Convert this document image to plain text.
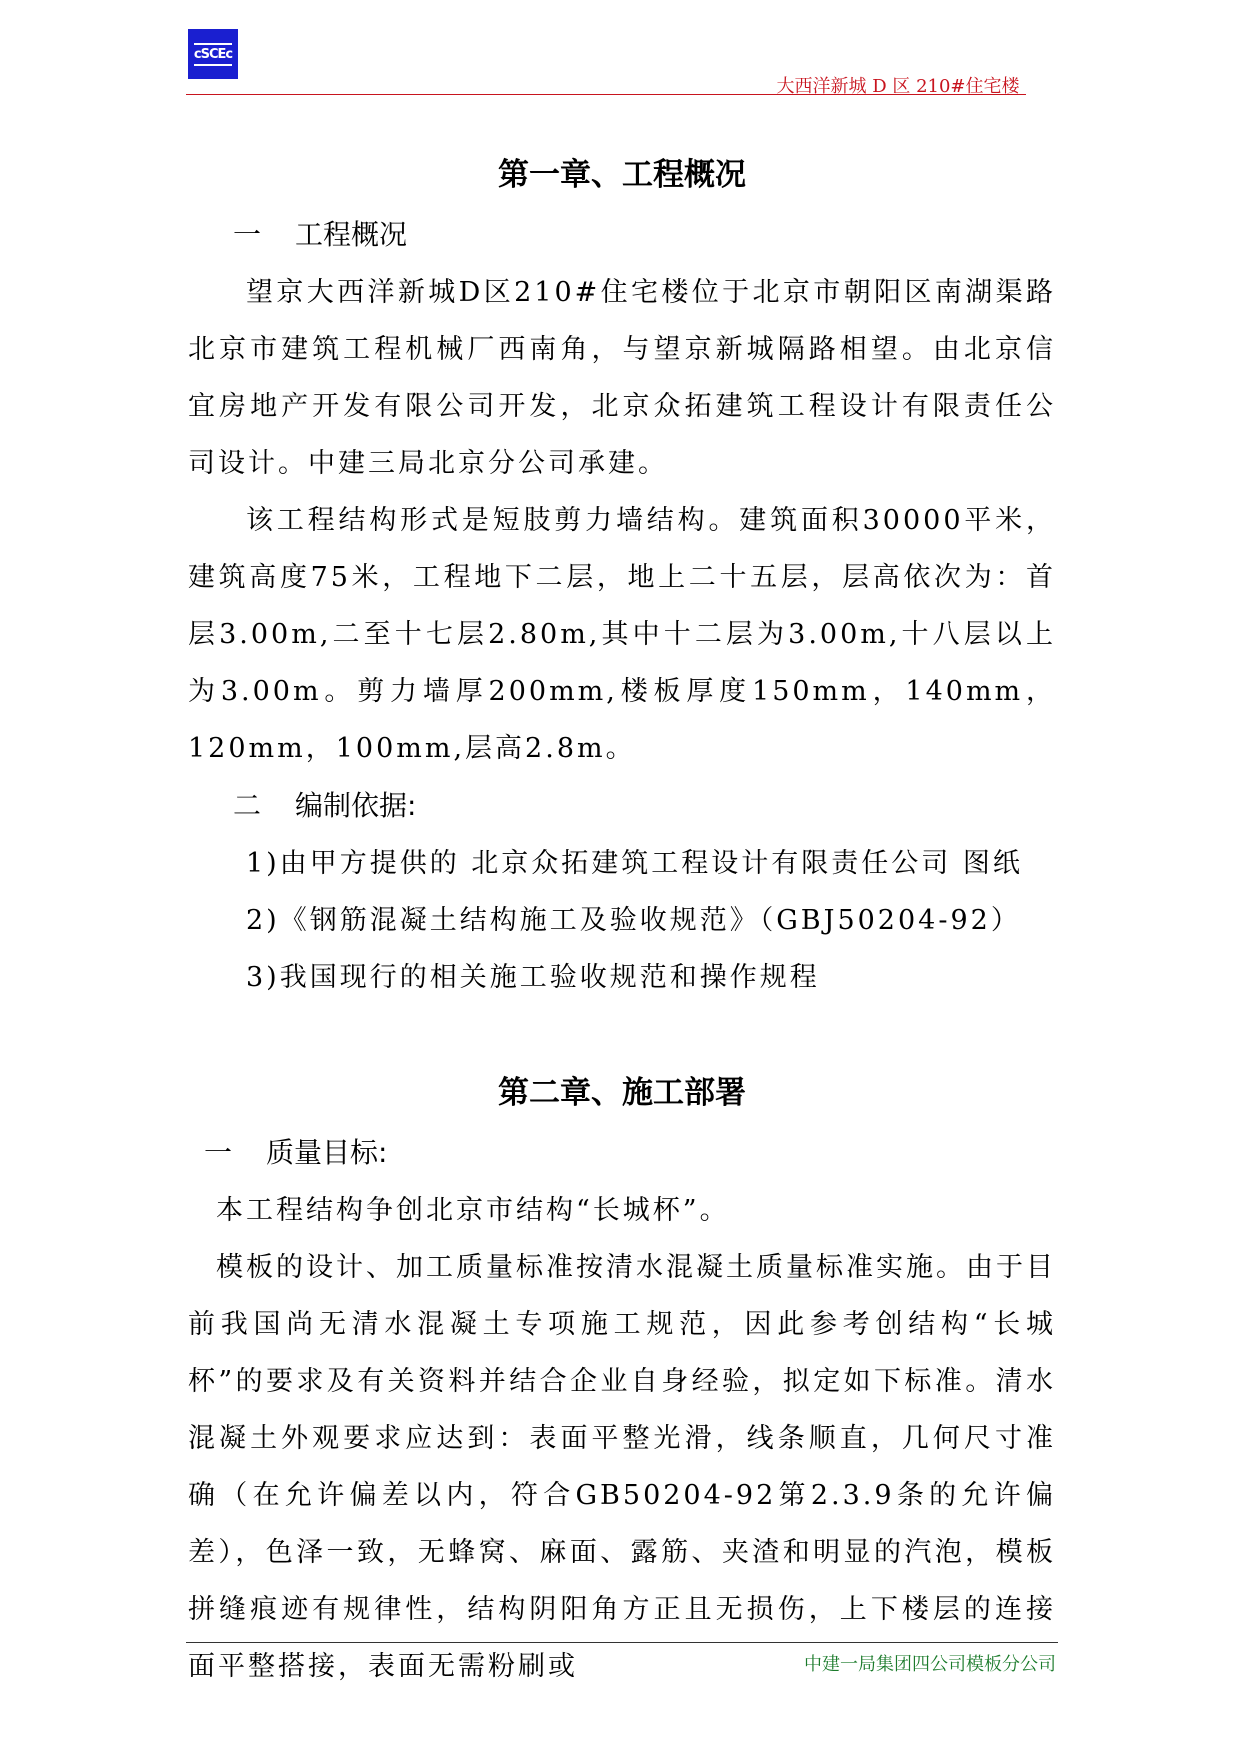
cSCEc
大西洋新城 D 区 210#住宅楼
第一章、工程概况
一 工程概况

望京大西洋新城D区210#住宅楼位于北京市朝阳区南湖渠路北京市建筑工程机械厂西南角，与望京新城隔路相望。由北京信宜房地产开发有限公司开发，北京众拓建筑工程设计有限责任公司设计。中建三局北京分公司承建。

该工程结构形式是短肢剪力墙结构。建筑面积30000平米，建筑高度75米，工程地下二层，地上二十五层，层高依次为：首层3.00m,二至十七层2.80m,其中十二层为3.00m,十八层以上为3.00m。剪力墙厚200mm,楼板厚度150mm，140mm，120mm，100mm,层高2.8m。

二 编制依据:
1)由甲方提供的 北京众拓建筑工程设计有限责任公司 图纸
2)《钢筋混凝土结构施工及验收规范》（GBJ50204-92）
3)我国现行的相关施工验收规范和操作规程
第二章、施工部署
一 质量目标:

本工程结构争创北京市结构“长城杯”。

模板的设计、加工质量标准按清水混凝土质量标准实施。由于目前我国尚无清水混凝土专项施工规范，因此参考创结构“长城杯”的要求及有关资料并结合企业自身经验，拟定如下标准。清水混凝土外观要求应达到：表面平整光滑，线条顺直，几何尺寸准确（在允许偏差以内，符合GB50204-92第2.3.9条的允许偏差），色泽一致，无蜂窝、麻面、露筋、夹渣和明显的汽泡，模板拼缝痕迹有规律性，结构阴阳角方正且无损伤，上下楼层的连接面平整搭接，表面无需粉刷或	中建一局集团四公司模板分公司
